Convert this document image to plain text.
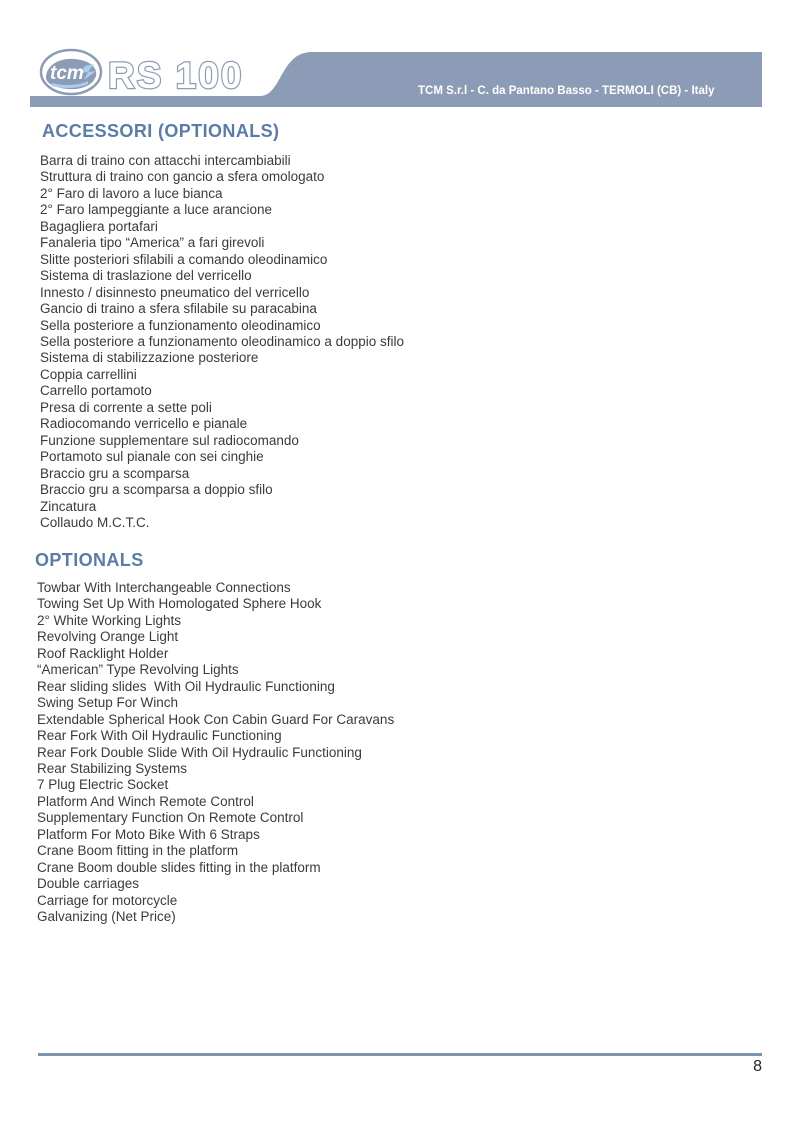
TCM S.r.l - C. da Pantano Basso - TERMOLI (CB) - Italy

tel. 0875 - 752076   fax 0875 - 752076

http:/www.tcmsrl.eu  e -mail: info@tcmsrl.it

tcm RS 100
ACCESSORI (OPTIONALS)
Barra di traino con attacchi intercambiabili
Struttura di traino con gancio a sfera omologato
2° Faro di lavoro a luce bianca
2° Faro lampeggiante a luce arancione
Bagagliera portafari
Fanaleria tipo “America” a fari girevoli
Slitte posteriori sfilabili a comando oleodinamico
Sistema di traslazione del verricello
Innesto / disinnesto pneumatico del verricello
Gancio di traino a sfera sfilabile su paracabina
Sella posteriore a funzionamento oleodinamico
Sella posteriore a funzionamento oleodinamico a doppio sfilo
Sistema di stabilizzazione posteriore
Coppia carrellini
Carrello portamoto
Presa di corrente a sette poli
Radiocomando verricello e pianale
Funzione supplementare sul radiocomando
Portamoto sul pianale con sei cinghie
Braccio gru a scomparsa
Braccio gru a scomparsa a doppio sfilo
Zincatura
Collaudo M.C.T.C.
OPTIONALS
Towbar With Interchangeable Connections
Towing Set Up With Homologated Sphere Hook
2° White Working Lights
Revolving Orange Light
Roof Racklight Holder
“American” Type Revolving Lights
Rear sliding slides  With Oil Hydraulic Functioning
Swing Setup For Winch
Extendable Spherical Hook Con Cabin Guard For Caravans
Rear Fork With Oil Hydraulic Functioning
Rear Fork Double Slide With Oil Hydraulic Functioning
Rear Stabilizing Systems
7 Plug Electric Socket
Platform And Winch Remote Control
Supplementary Function On Remote Control
Platform For Moto Bike With 6 Straps
Crane Boom fitting in the platform
Crane Boom double slides fitting in the platform
Double carriages
Carriage for motorcycle
Galvanizing (Net Price)
8
